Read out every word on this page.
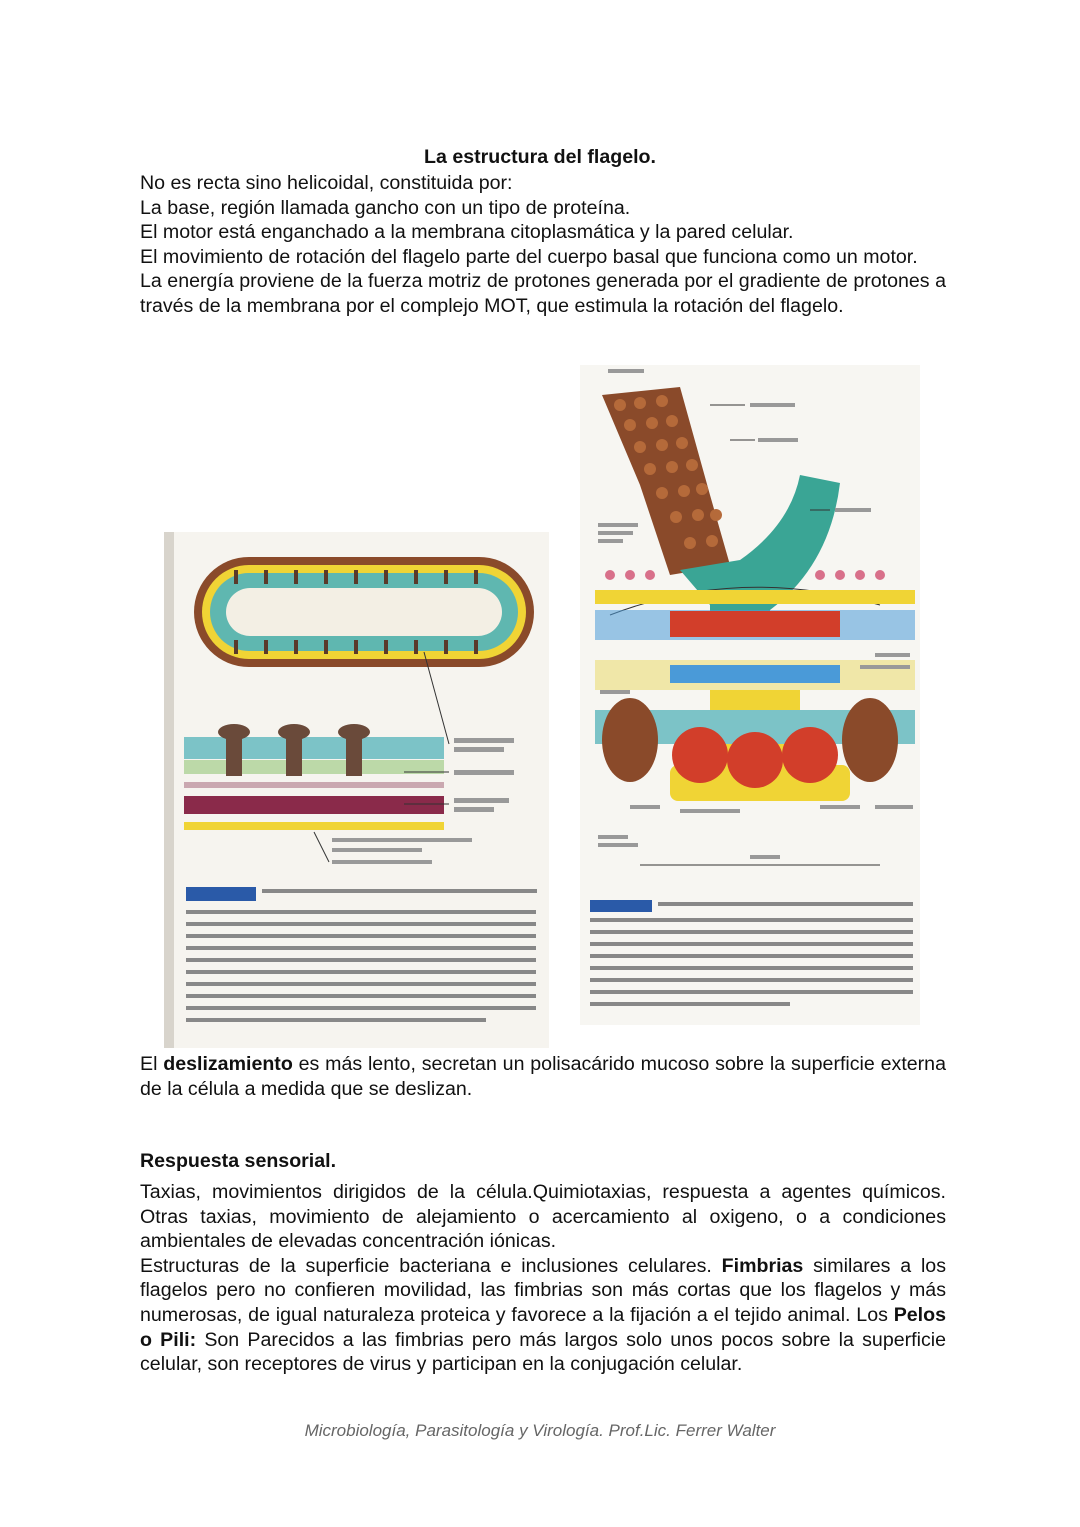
La estructura del flagelo.

No es recta sino helicoidal, constituida por:

La base, región llamada gancho con un tipo de proteína.

El motor está enganchado a la membrana citoplasmática y la pared celular.

El movimiento de rotación del flagelo parte del cuerpo basal que funciona como un motor.

La energía proviene de la fuerza motriz de protones generada por el gradiente de protones a través de la membrana por el complejo MOT, que estimula la rotación del flagelo.

El deslizamiento es más lento, secretan un polisacárido mucoso sobre la superficie externa de la célula a medida que se deslizan.

Respuesta sensorial.

Taxias, movimientos dirigidos de la célula.Quimiotaxias, respuesta a agentes químicos. Otras taxias, movimiento de alejamiento o acercamiento al oxigeno, o a condiciones ambientales de elevadas concentración iónicas.

Estructuras de la superficie bacteriana e inclusiones celulares. Fimbrias similares a los flagelos pero no confieren movilidad, las fimbrias son más cortas que los flagelos y más numerosas, de igual naturaleza proteica y favorece a la fijación a el tejido animal. Los Pelos o Pili: Son Parecidos a las fimbrias pero más largos solo unos pocos sobre la superficie celular, son receptores de virus y participan en la conjugación celular.

Microbiología, Parasitología y Virología. Prof.Lic. Ferrer Walter
